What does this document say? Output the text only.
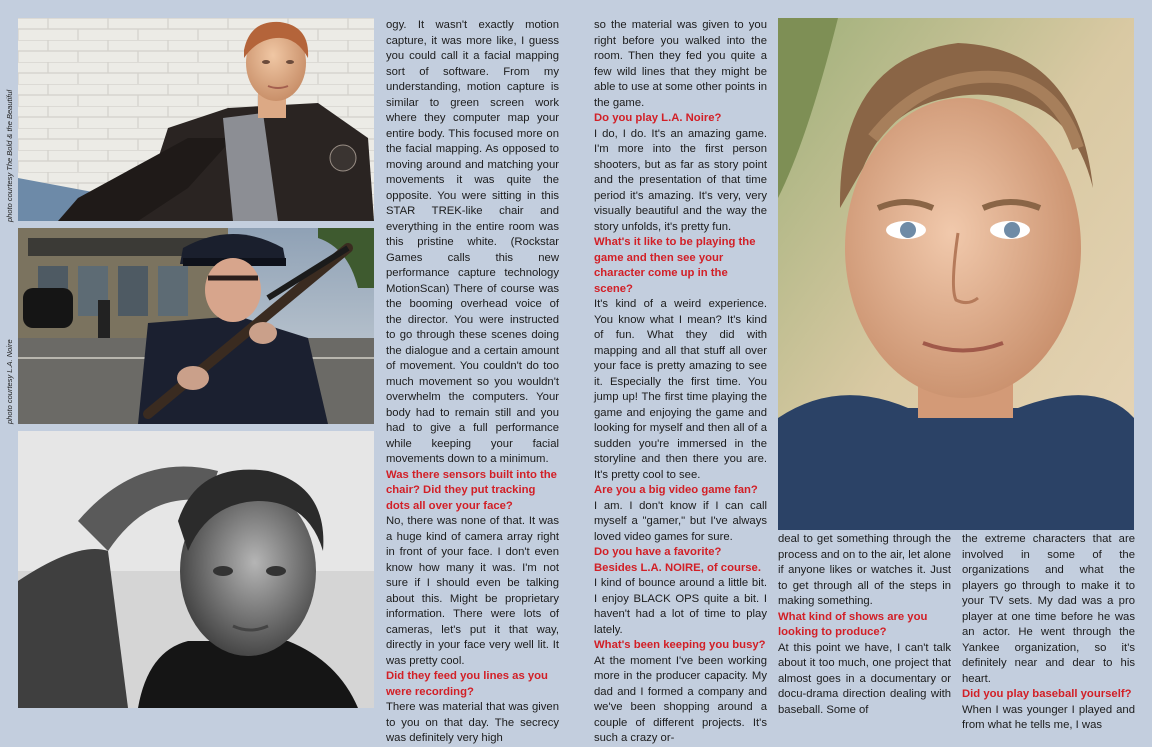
photo courtesy The Bold & the Beautiful
photo courtesy L.A. Noire

ogy. It wasn't exactly motion capture, it was more like, I guess you could call it a facial mapping sort of software. From my understanding, motion capture is similar to green screen work where they computer map your entire body. This focused more on the facial mapping. As opposed to moving around and matching your movements it was quite the opposite. You were sitting in this STAR TREK-like chair and everything in the entire room was this pristine white. (Rockstar Games calls this new performance capture technology MotionScan) There of course was the booming overhead voice of the director. You were instructed to go through these scenes doing the dialogue and a certain amount of movement. You couldn't do too much movement so you wouldn't overwhelm the computers. Your body had to remain still and you had to give a full performance while keeping your facial movements down to a minimum.

Was there sensors built into the chair? Did they put tracking dots all over your face?

No, there was none of that. It was a huge kind of camera array right in front of your face. I don't even know how many it was. I'm not sure if I should even be talking about this. Might be proprietary information. There were lots of cameras, let's put it that way, directly in your face very well lit. It was pretty cool.

Did they feed you lines as you were recording?

There was material that was given to you on that day. The secrecy was definitely very high

so the material was given to you right before you walked into the room. Then they fed you quite a few wild lines that they might be able to use at some other points in the game.

Do you play L.A. Noire?

I do, I do. It's an amazing game. I'm more into the first person shooters, but as far as story point and the presentation of that time period it's amazing. It's very, very visually beautiful and the way the story unfolds, it's pretty fun.

What's it like to be playing the game and then see your character come up in the scene?

It's kind of a weird experience. You know what I mean? It's kind of fun. What they did with mapping and all that stuff all over your face is pretty amazing to see it. Especially the first time. You jump up! The first time playing the game and enjoying the game and looking for myself and then all of a sudden you're immersed in the storyline and then there you are. It's pretty cool to see.

Are you a big video game fan?

I am. I don't know if I can call myself a "gamer," but I've always loved video games for sure.

Do you have a favorite? Besides L.A. NOIRE, of course.

I kind of bounce around a little bit. I enjoy BLACK OPS quite a bit. I haven't had a lot of time to play lately.

What's been keeping you busy?

At the moment I've been working more in the producer capacity. My dad and I formed a company and we've been shopping around a couple of different projects. It's such a crazy or-

deal to get something through the process and on to the air, let alone if anyone likes or watches it. Just to get through all of the steps in making something.

What kind of shows are you looking to produce?

At this point we have, I can't talk about it too much, one project that almost goes in a documentary or docu-drama direction dealing with baseball. Some of

the extreme characters that are involved in some of the organizations and what the players go through to make it to your TV sets. My dad was a pro player at one time before he was an actor. He went through the Yankee organization, so it's definitely near and dear to his heart.

Did you play baseball yourself?

When I was younger I played and from what he tells me, I was
